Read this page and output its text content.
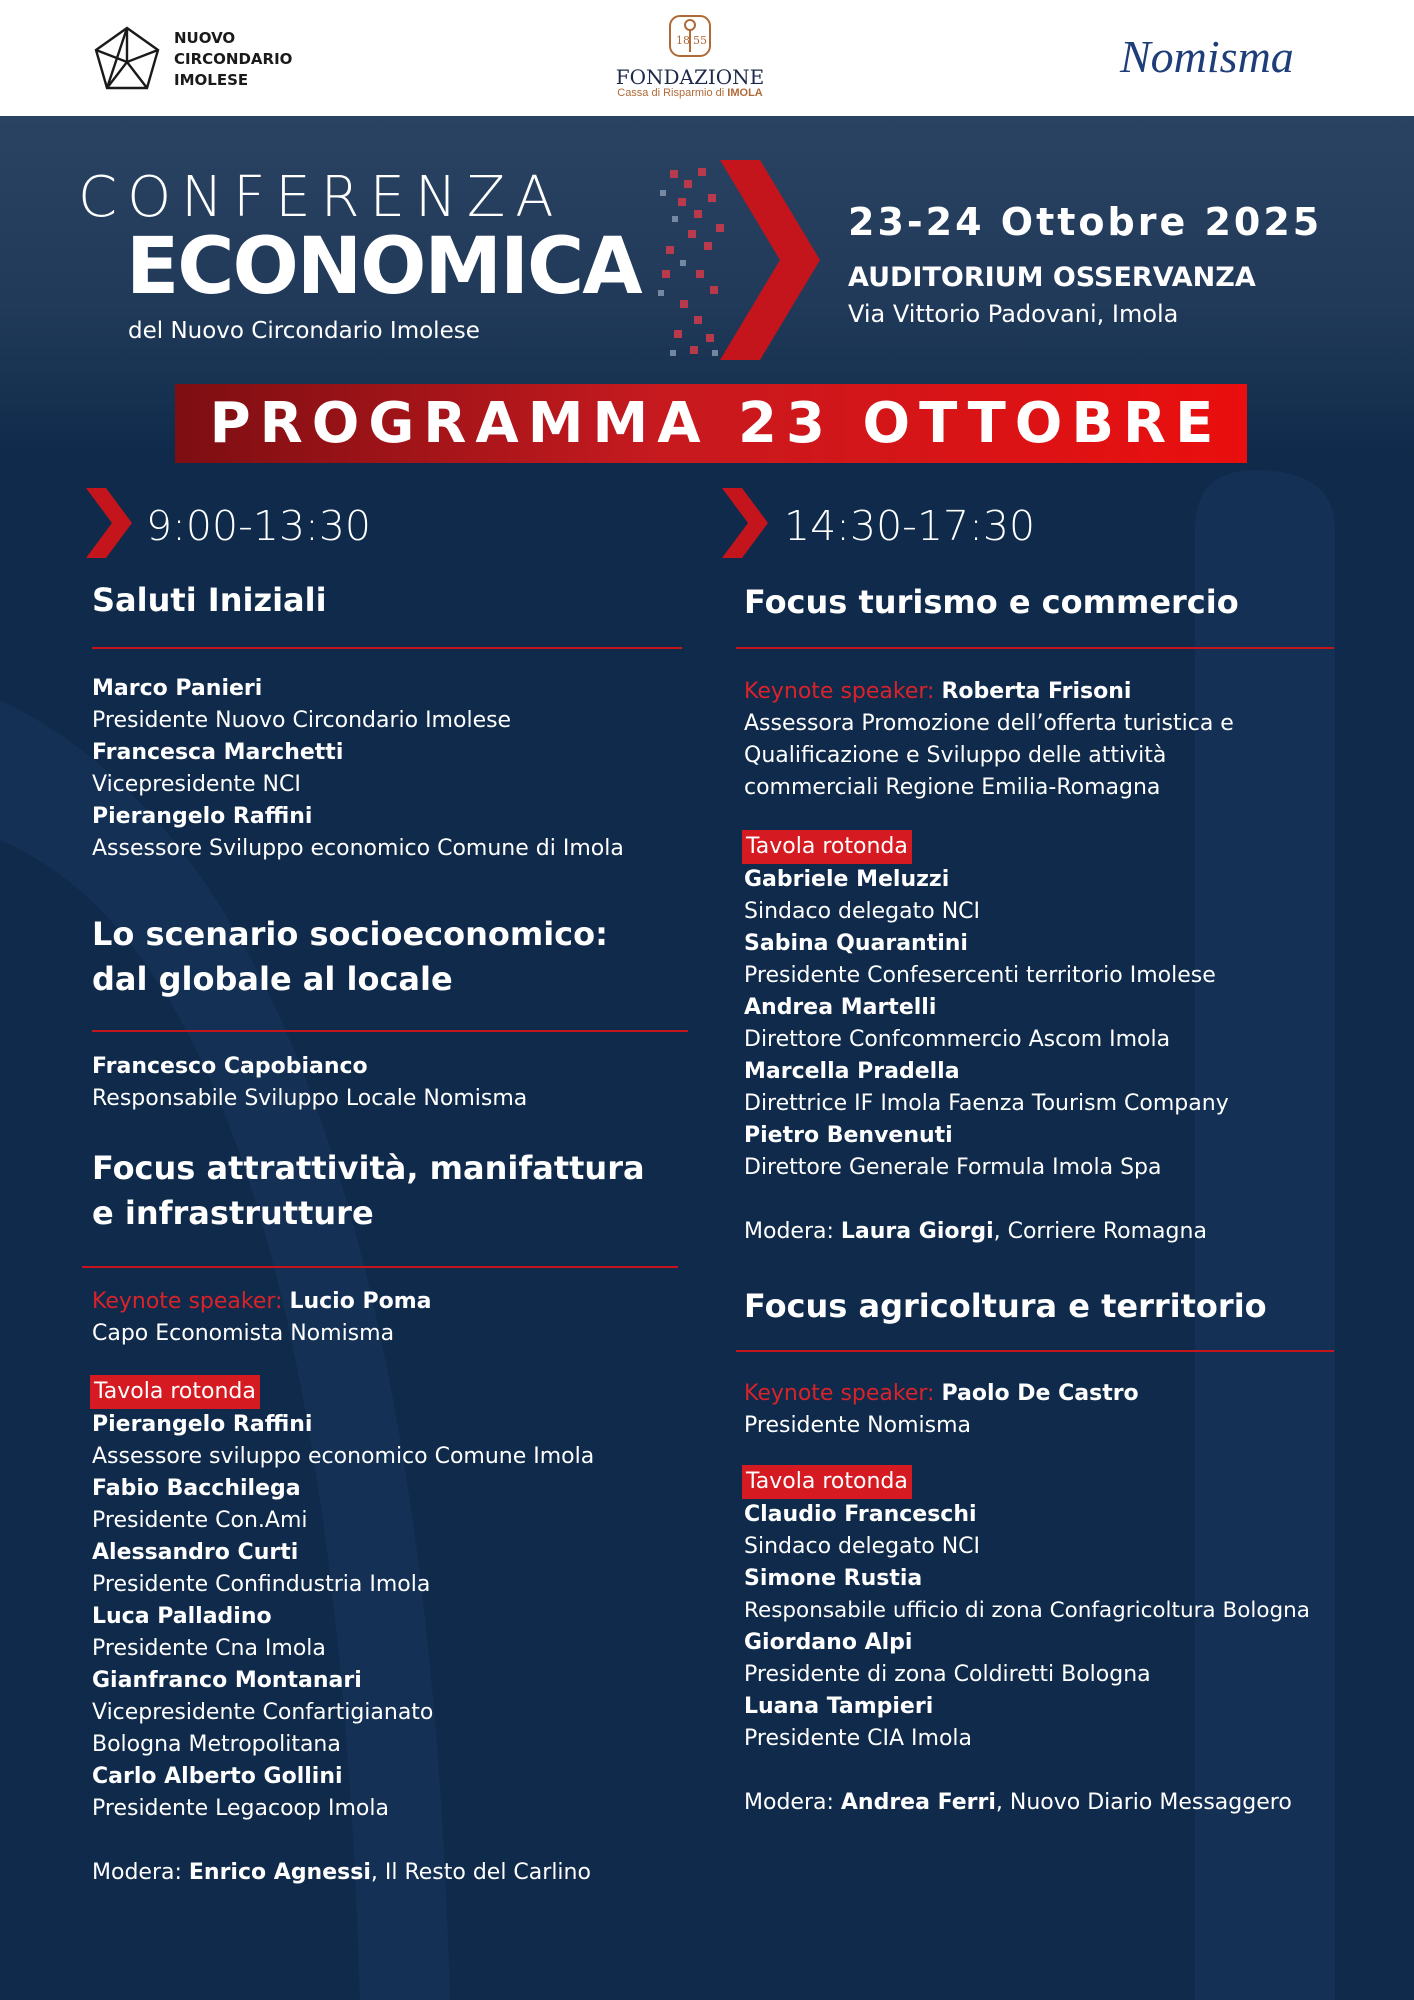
NUOVO
CIRCONDARIO
IMOLESE
18 55
FONDAZIONE
Cassa di Risparmio di IMOLA
Nomisma
CONFERENZA
ECONOMICA
del Nuovo Circondario Imolese
23-24 Ottobre 2025
AUDITORIUM OSSERVANZA
Via Vittorio Padovani, Imola
PROGRAMMA 23 OTTOBRE
9:00-13:30
Saluti Iniziali
Marco Panieri
Presidente Nuovo Circondario Imolese
Francesca Marchetti
Vicepresidente NCI
Pierangelo Raffini
Assessore Sviluppo economico Comune di Imola
Lo scenario socioeconomico:
dal globale al locale
Francesco Capobianco
Responsabile Sviluppo Locale Nomisma
Focus attrattività, manifattura
e infrastrutture
Keynote speaker: Lucio Poma
Capo Economista Nomisma
Tavola rotonda
Pierangelo Raffini
Assessore sviluppo economico Comune Imola
Fabio Bacchilega
Presidente Con.Ami
Alessandro Curti
Presidente Confindustria Imola
Luca Palladino
Presidente Cna Imola
Gianfranco Montanari
Vicepresidente Confartigianato
Bologna Metropolitana
Carlo Alberto Gollini
Presidente Legacoop Imola
Modera: Enrico Agnessi, Il Resto del Carlino
14:30-17:30
Focus turismo e commercio
Keynote speaker: Roberta Frisoni
Assessora Promozione dell’offerta turistica e
Qualificazione e Sviluppo delle attività
commerciali Regione Emilia-Romagna
Tavola rotonda
Gabriele Meluzzi
Sindaco delegato NCI
Sabina Quarantini
Presidente Confesercenti territorio Imolese
Andrea Martelli
Direttore Confcommercio Ascom Imola
Marcella Pradella
Direttrice IF Imola Faenza Tourism Company
Pietro Benvenuti
Direttore Generale Formula Imola Spa
Modera: Laura Giorgi, Corriere Romagna
Focus agricoltura e territorio
Keynote speaker: Paolo De Castro
Presidente Nomisma
Tavola rotonda
Claudio Franceschi
Sindaco delegato NCI
Simone Rustia
Responsabile ufficio di zona Confagricoltura Bologna
Giordano Alpi
Presidente di zona Coldiretti Bologna
Luana Tampieri
Presidente CIA Imola
Modera: Andrea Ferri, Nuovo Diario Messaggero
